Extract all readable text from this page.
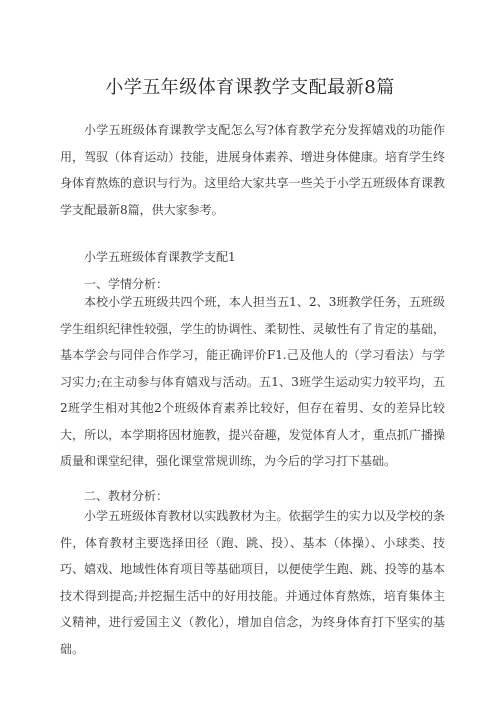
小学五年级体育课教学支配最新8篇

小学五班级体育课教学支配怎么写?体育教学充分发挥嬉戏的功能作用，驾驭（体育运动）技能，进展身体素养、增进身体健康。培育学生终身体育熬炼的意识与行为。这里给大家共享一些关于小学五班级体育课教学支配最新8篇，供大家参考。

小学五班级体育课教学支配1

一、学情分析：

本校小学五班级共四个班，本人担当五1、2、3班教学任务，五班级学生组织纪律性较强，学生的协调性、柔韧性、灵敏性有了肯定的基础，基本学会与同伴合作学习，能正确评价F1.己及他人的（学习看法）与学习实力;在主动参与体育嬉戏与活动。五1、3班学生运动实力较平均，五2班学生相对其他2个班级体育素养比较好，但存在着男、女的差异比较大，所以，本学期将因材施教，提兴奋趣，发觉体育人才，重点抓广播操质量和课堂纪律，强化课堂常规训练，为今后的学习打下基础。

二、教材分析：

小学五班级体育教材以实践教材为主。依据学生的实力以及学校的条件，体育教材主要选择田径（跑、跳、投）、基本（体操）、小球类、技巧、嬉戏、地域性体育项目等基础项目，以便使学生跑、跳、投等的基本技术得到提高;并挖掘生活中的好用技能。并通过体育熬炼，培育集体主义精神，进行爱国主义（教化），增加自信念，为终身体育打下坚实的基础。
